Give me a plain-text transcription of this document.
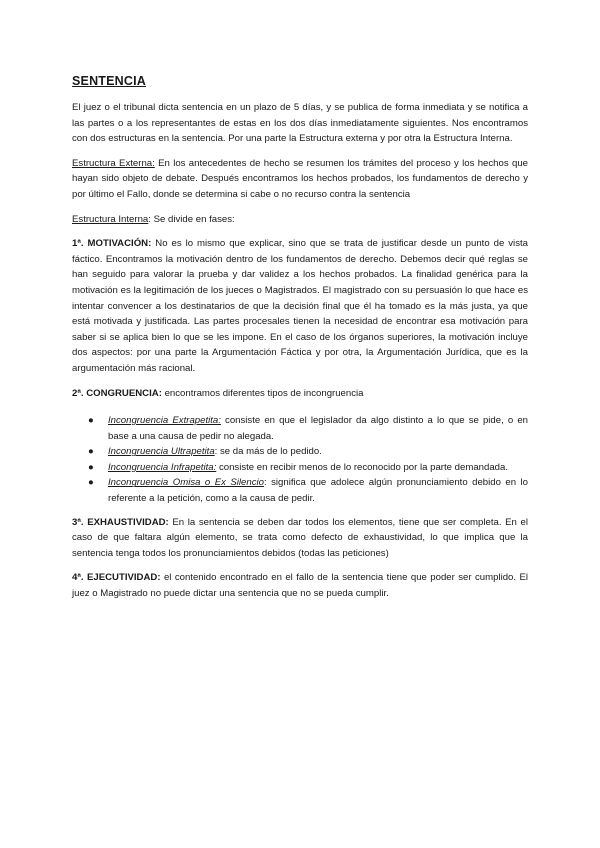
SENTENCIA

El juez o el tribunal dicta sentencia en un plazo de 5 días, y se publica de forma inmediata y se notifica a las partes o a los representantes de estas en los dos días inmediatamente siguientes. Nos encontramos con dos estructuras en la sentencia. Por una parte la Estructura externa y por otra la Estructura Interna.

Estructura Externa: En los antecedentes de hecho se resumen los trámites del proceso y los hechos que hayan sido objeto de debate. Después encontramos los hechos probados, los fundamentos de derecho y por último el Fallo, donde se determina si cabe o no recurso contra la sentencia

Estructura Interna: Se divide en fases:

1ª. MOTIVACIÓN: No es lo mismo que explicar, sino que se trata de justificar desde un punto de vista fáctico. Encontramos la motivación dentro de los fundamentos de derecho. Debemos decir qué reglas se han seguido para valorar la prueba y dar validez a los hechos probados. La finalidad genérica para la motivación es la legitimación de los jueces o Magistrados. El magistrado con su persuasión lo que hace es intentar convencer a los destinatarios de que la decisión final que él ha tomado es la más justa, ya que está motivada y justificada. Las partes procesales tienen la necesidad de encontrar esa motivación para saber si se aplica bien lo que se les impone. En el caso de los órganos superiores, la motivación incluye dos aspectos: por una parte la Argumentación Fáctica y por otra, la Argumentación Jurídica, que es la argumentación más racional.

2ª. CONGRUENCIA: encontramos diferentes tipos de incongruencia

● Incongruencia Extrapetita: consiste en que el legislador da algo distinto a lo que se pide, o en base a una causa de pedir no alegada.
● Incongruencia Ultrapetita: se da más de lo pedido.
● Incongruencia Infrapetita: consiste en recibir menos de lo reconocido por la parte demandada.
● Incongruencia Omisa o Ex Silencio: significa que adolece algún pronunciamiento debido en lo referente a la petición, como a la causa de pedir.

3ª. EXHAUSTIVIDAD: En la sentencia se deben dar todos los elementos, tiene que ser completa. En el caso de que faltara algún elemento, se trata como defecto de exhaustividad, lo que implica que la sentencia tenga todos los pronunciamientos debidos (todas las peticiones)

4ª. EJECUTIVIDAD: el contenido encontrado en el fallo de la sentencia tiene que poder ser cumplido. El juez o Magistrado no puede dictar una sentencia que no se pueda cumplir.
